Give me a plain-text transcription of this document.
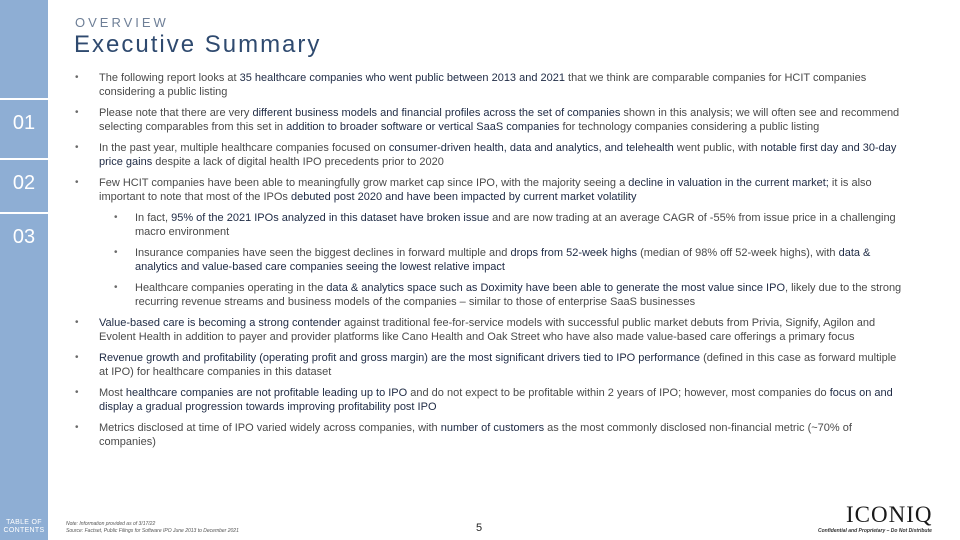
01
02
03
TABLE OF CONTENTS
OVERVIEW
Executive Summary
• The following report looks at 35 healthcare companies who went public between 2013 and 2021 that we think are comparable companies for HCIT companies considering a public listing
• Please note that there are very different business models and financial profiles across the set of companies shown in this analysis; we will often see and recommend selecting comparables from this set in addition to broader software or vertical SaaS companies for technology companies considering a public listing
• In the past year, multiple healthcare companies focused on consumer-driven health, data and analytics, and telehealth went public, with notable first day and 30-day price gains despite a lack of digital health IPO precedents prior to 2020
• Few HCIT companies have been able to meaningfully grow market cap since IPO, with the majority seeing a decline in valuation in the current market; it is also important to note that most of the IPOs debuted post 2020 and have been impacted by current market volatility
• In fact, 95% of the 2021 IPOs analyzed in this dataset have broken issue and are now trading at an average CAGR of -55% from issue price in a challenging macro environment
• Insurance companies have seen the biggest declines in forward multiple and drops from 52-week highs (median of 98% off 52-week highs), with data & analytics and value-based care companies seeing the lowest relative impact
• Healthcare companies operating in the data & analytics space such as Doximity have been able to generate the most value since IPO, likely due to the strong recurring revenue streams and business models of the companies – similar to those of enterprise SaaS businesses
• Value-based care is becoming a strong contender against traditional fee-for-service models with successful public market debuts from Privia, Signify, Agilon and Evolent Health in addition to payer and provider platforms like Cano Health and Oak Street who have also made value-based care offerings a primary focus
• Revenue growth and profitability (operating profit and gross margin) are the most significant drivers tied to IPO performance (defined in this case as forward multiple at IPO) for healthcare companies in this dataset
• Most healthcare companies are not profitable leading up to IPO and do not expect to be profitable within 2 years of IPO; however, most companies do focus on and display a gradual progression towards improving profitability post IPO
• Metrics disclosed at time of IPO varied widely across companies, with number of customers as the most commonly disclosed non-financial metric (~70% of companies)
Note: Information provided as of 3/17/22
Source: Factset, Public Filings for Software IPO June 2013 to December 2021	5
ICONIQ
Confidential and Proprietary – Do Not Distribute
